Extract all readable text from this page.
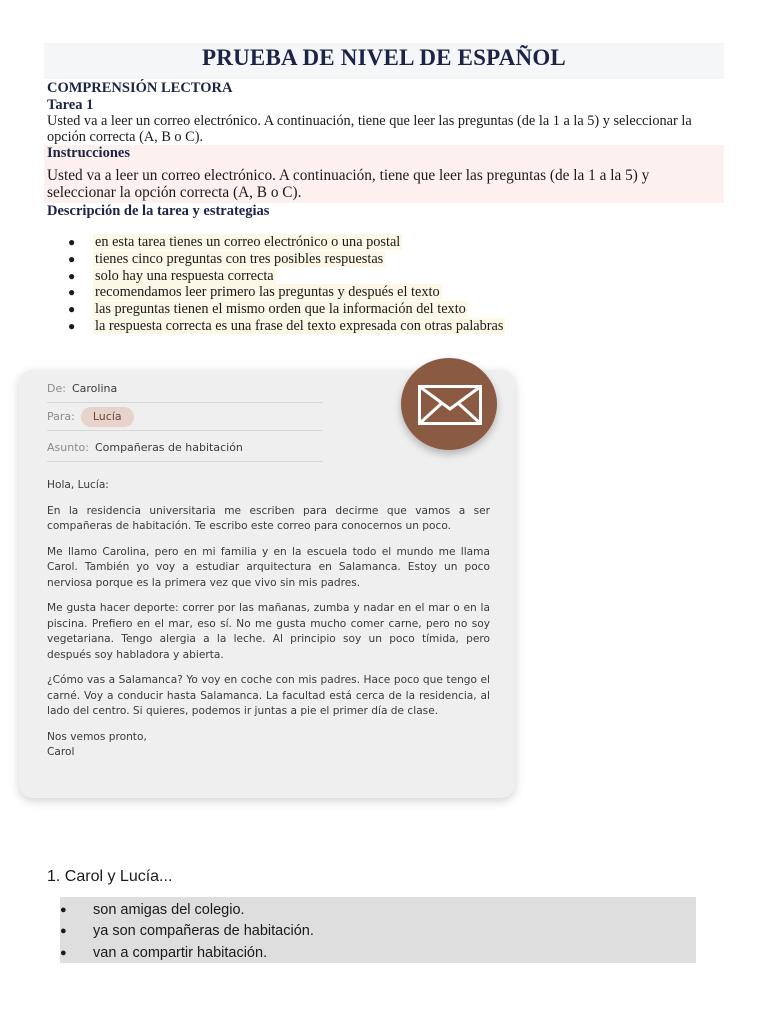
PRUEBA DE NIVEL DE ESPAÑOL
COMPRENSIÓN LECTORA
Tarea 1
Usted va a leer un correo electrónico. A continuación, tiene que leer las preguntas (de la 1 a la 5) y seleccionar la
opción correcta (A, B o C).
Instrucciones
Usted va a leer un correo electrónico. A continuación, tiene que leer las preguntas (de la 1 a la 5) y
seleccionar la opción correcta (A, B o C).
Descripción de la tarea y estrategias
● en esta tarea tienes un correo electrónico o una postal
● tienes cinco preguntas con tres posibles respuestas
● solo hay una respuesta correcta
● recomendamos leer primero las preguntas y después el texto
● las preguntas tienen el mismo orden que la información del texto
● la respuesta correcta es una frase del texto expresada con otras palabras
De: Carolina
Para: Lucía
Asunto: Compañeras de habitación

Hola, Lucía:

En la residencia universitaria me escriben para decirme que vamos a ser compañeras de habitación. Te escribo este correo para conocernos un poco.

Me llamo Carolina, pero en mi familia y en la escuela todo el mundo me llama Carol. También yo voy a estudiar arquitectura en Salamanca. Estoy un poco nerviosa porque es la primera vez que vivo sin mis padres.

Me gusta hacer deporte: correr por las mañanas, zumba y nadar en el mar o en la piscina. Prefiero en el mar, eso sí. No me gusta mucho comer carne, pero no soy vegetariana. Tengo alergia a la leche. Al principio soy un poco tímida, pero después soy habladora y abierta.

¿Cómo vas a Salamanca? Yo voy en coche con mis padres. Hace poco que tengo el carné. Voy a conducir hasta Salamanca. La facultad está cerca de la residencia, al lado del centro. Si quieres, podemos ir juntas a pie el primer día de clase.

Nos vemos pronto,
Carol

1. Carol y Lucía...
● son amigas del colegio.
● ya son compañeras de habitación.
● van a compartir habitación.
